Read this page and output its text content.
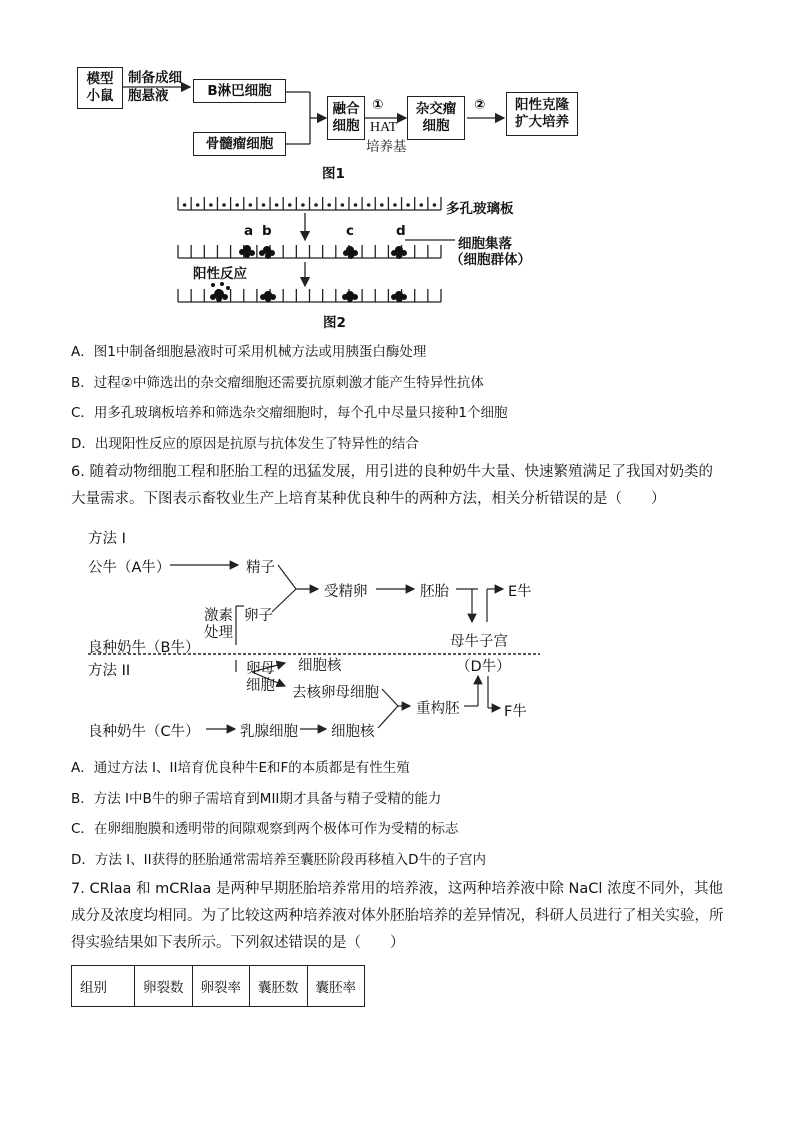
模型
小鼠
制备成细
胞悬液	B淋巴细胞
骨髓瘤细胞
融合
细胞
①
HAT
培养基
杂交瘤
细胞
②	阳性克隆
扩大培养
图1
多孔玻璃板
a b	c	d
细胞集落
（细胞群体）
阳性反应
图2
A．图1中制备细胞悬液时可采用机械方法或用胰蛋白酶处理
B．过程②中筛选出的杂交瘤细胞还需要抗原刺激才能产生特异性抗体
C．用多孔玻璃板培养和筛选杂交瘤细胞时，每个孔中尽量只接种1个细胞
D．出现阳性反应的原因是抗原与抗体发生了特异性的结合
6. 随着动物细胞工程和胚胎工程的迅猛发展，用引进的良种奶牛大量、快速繁殖满足了我国对奶类的大量需求。下图表示畜牧业生产上培育某种优良种牛的两种方法，相关分析错误的是（　　）
方法 I
公牛（A牛）	精子
受精卵	胚胎	E牛
激素
处理
卵子
良种奶牛（B牛）	母牛子宫
方法 II	（D牛）
卵母
细胞
细胞核
去核卵母细胞
重构胚	F牛
良种奶牛（C牛）	乳腺细胞 细胞核
A．通过方法 I、II培育优良种牛E和F的本质都是有性生殖
B．方法 I中B牛的卵子需培育到MII期才具备与精子受精的能力
C．在卵细胞膜和透明带的间隙观察到两个极体可作为受精的标志
D．方法 I、II获得的胚胎通常需培养至囊胚阶段再移植入D牛的子宫内
7. CRlaa 和 mCRlaa 是两种早期胚胎培养常用的培养液，这两种培养液中除 NaCl 浓度不同外，其他成分及浓度均相同。为了比较这两种培养液对体外胚胎培养的差异情况，科研人员进行了相关实验，所得实验结果如下表所示。下列叙述错误的是（　　）
组别	卵裂数	卵裂率	囊胚数	囊胚率
